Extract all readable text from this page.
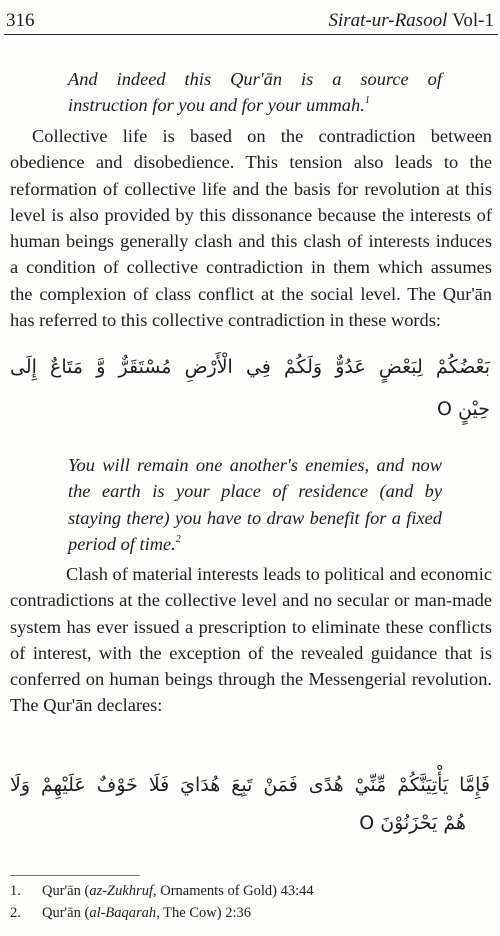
316	Sirat-ur-Rasool Vol-1

And indeed this Qur'ān is a source of

instruction for you and for your ummah.$^1$

Collective life is based on the contradiction between obedience and disobedience. This tension also leads to the reformation of collective life and the basis for revolution at this level is also provided by this dissonance because the interests of human beings generally clash and this clash of interests induces a condition of collective contradiction in them which assumes the complexion of class conflict at the social level. The Qur'ān has referred to this collective contradiction in these words:

بَعْضُكُمْ لِبَعْضٍ عَدُوٌّ وَلَكُمْ فِي الْأَرْضِ مُسْتَقَرٌّ وَّ مَتَاعٌ إِلَى
حِيْنٍ O

You will remain one another's enemies, and now the earth is your place of residence (and by staying there) you have to draw benefit for a fixed period of time.$^2$

Clash of material interests leads to political and economic contradictions at the collective level and no secular or man-made system has ever issued a prescription to eliminate these conflicts of interest, with the exception of the revealed guidance that is conferred on human beings through the Messengerial revolution. The Qur'ān declares:

فَإِمَّا يَأْتِيَنَّكُمْ مِّنِّيْ هُدًى فَمَنْ تَبِعَ هُدَايَ فَلَا خَوْفٌ عَلَيْهِمْ وَلَا
هُمْ يَحْزَنُوْنَ O
1. Qur'ān (az-Zukhruf, Ornaments of Gold) 43:44
2. Qur'ān (al-Baqarah, The Cow) 2:36
